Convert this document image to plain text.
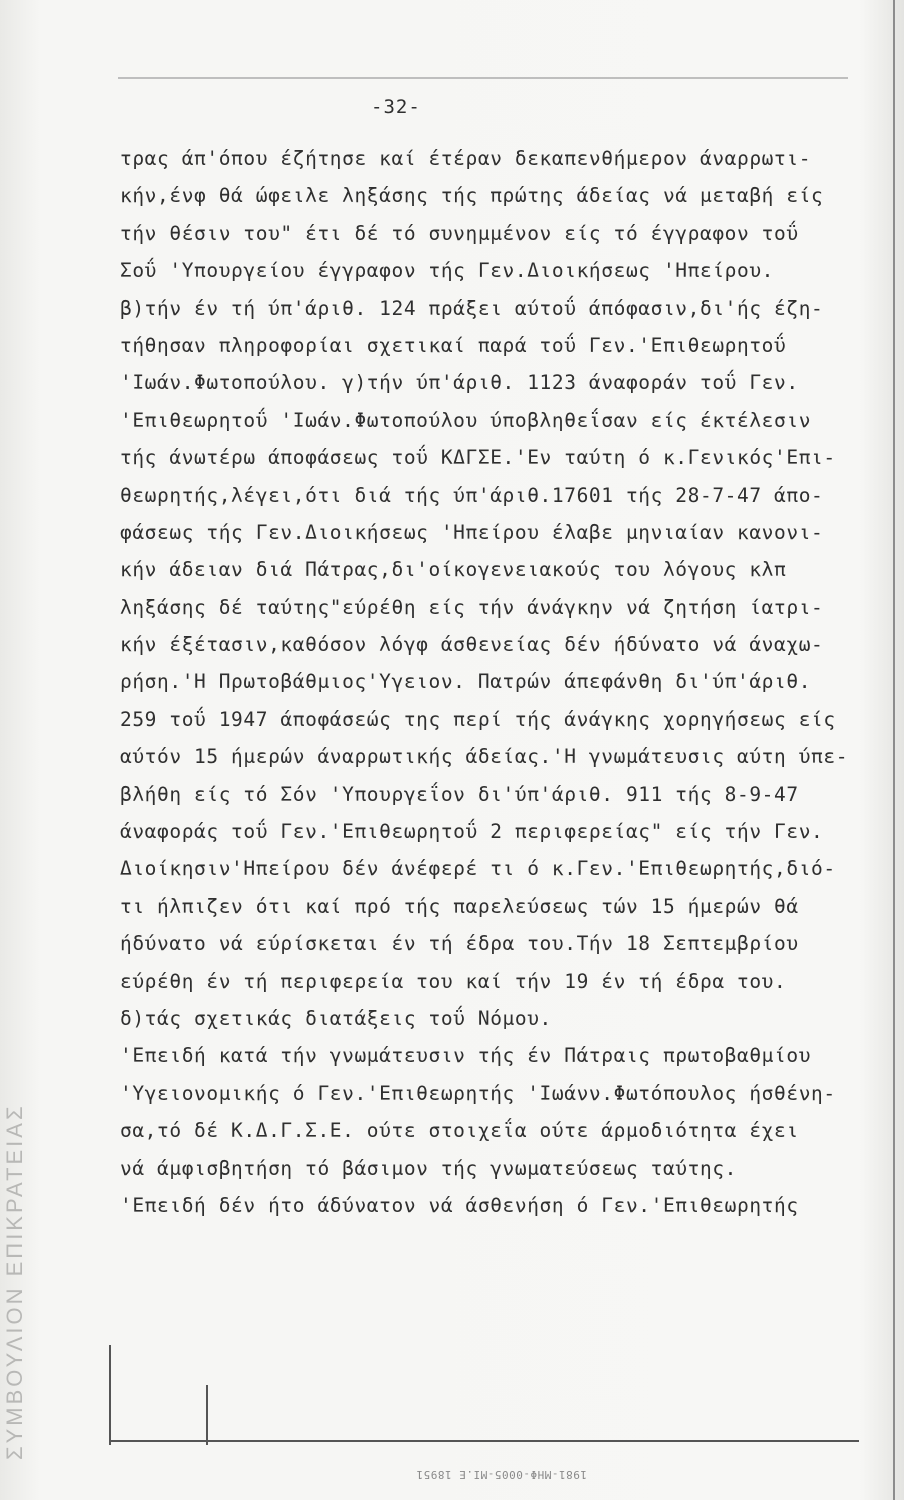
-32-
τρας άπ'όπου έζήτησε καί έτέραν δεκαπενθήμερον άναρρωτι-
κήν,ένφ θά ώφειλε ληξάσης τής πρώτης άδείας νά μεταβή είς
τήν θέσιν του" έτι δέ τό συνημμένον είς τό έγγραφον τοΰ
Σοΰ 'Υπουργείου έγγραφον τής Γεν.Διοικήσεως 'Ηπείρου.
β)τήν έν τή ύπ'άριθ. 124 πράξει αύτοΰ άπόφασιν,δι'ής έζη-
τήθησαν πληροφορίαι σχετικαί παρά τοΰ Γεν.'Επιθεωρητοΰ
'Ιωάν.Φωτοπούλου. γ)τήν ύπ'άριθ. 1123 άναφοράν τοΰ Γεν.
'Επιθεωρητοΰ 'Ιωάν.Φωτοπούλου ύποβληθεΐσαν είς έκτέλεσιν
τής άνωτέρω άποφάσεως τοΰ ΚΔΓΣΕ.'Εν ταύτη ό κ.Γενικός'Επι-
θεωρητής,λέγει,ότι διά τής ύπ'άριθ.17601 τής 28-7-47 άπο-
φάσεως τής Γεν.Διοικήσεως 'Ηπείρου έλαβε μηνιαίαν κανονι-
κήν άδειαν διά Πάτρας,δι'οίκογενειακούς του λόγους κλπ
ληξάσης δέ ταύτης"εύρέθη είς τήν άνάγκην νά ζητήση ίατρι-
κήν έξέτασιν,καθόσον λόγφ άσθενείας δέν ήδύνατο νά άναχω-
ρήση.'Η Πρωτοβάθμιος'Υγειον. Πατρών άπεφάνθη δι'ύπ'άριθ.
259 τοΰ 1947 άποφάσεώς της περί τής άνάγκης χορηγήσεως είς
αύτόν 15 ήμερών άναρρωτικής άδείας.'Η γνωμάτευσις αύτη ύπε-
βλήθη είς τό Σόν 'Υπουργεΐον δι'ύπ'άριθ. 911 τής 8-9-47
άναφοράς τοΰ Γεν.'Επιθεωρητοΰ 2 περιφερείας" είς τήν Γεν.
Διοίκησιν'Ηπείρου δέν άνέφερέ τι ό κ.Γεν.'Επιθεωρητής,διό-
τι ήλπιζεν ότι καί πρό τής παρελεύσεως τών 15 ήμερών θά
ήδύνατο νά εύρίσκεται έν τή έδρα του.Τήν 18 Σεπτεμβρίου
εύρέθη έν τή περιφερεία του καί τήν 19 έν τή έδρα του.
δ)τάς σχετικάς διατάξεις τοΰ Νόμου.
'Επειδή κατά τήν γνωμάτευσιν τής έν Πάτραις πρωτοβαθμίου
'Υγειονομικής ό Γεν.'Επιθεωρητής 'Ιωάνν.Φωτόπουλος ήσθένη-
σα,τό δέ Κ.Δ.Γ.Σ.Ε. ούτε στοιχεΐα ούτε άρμοδιότητα έχει
νά άμφισβητήση τό βάσιμον τής γνωματεύσεως ταύτης.
'Επειδή δέν ήτο άδύνατον νά άσθενήση ό Γεν.'Επιθεωρητής
ΣΥΜΒΟΥΛΙΟΝ ΕΠΙΚΡΑΤΕΙΑΣ
1981-ΜΗΦ-0005-ΜΙ.Ε 18951
